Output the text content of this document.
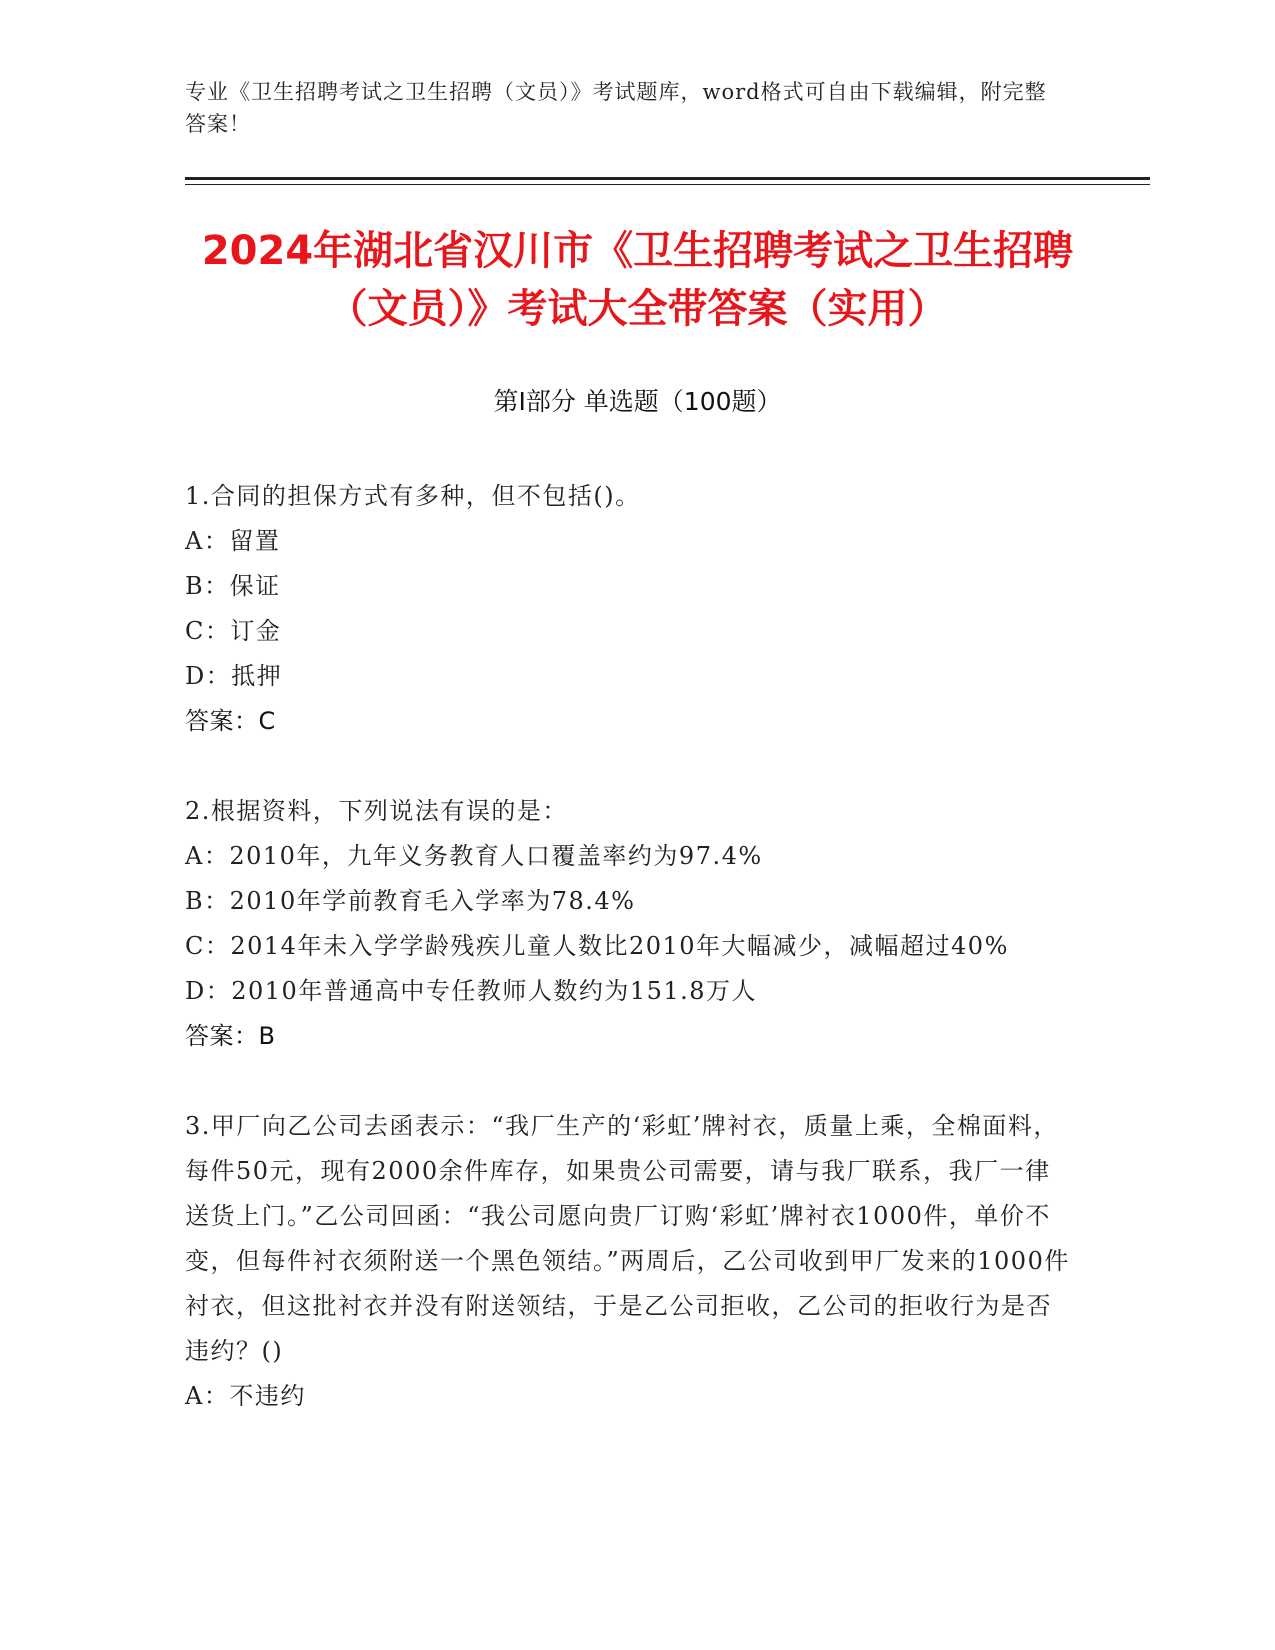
专业《卫生招聘考试之卫生招聘（文员）》考试题库，word格式可自由下载编辑，附完整答案！
2024年湖北省汉川市《卫生招聘考试之卫生招聘（文员）》考试大全带答案（实用）
第Ⅰ部分 单选题（100题）
1.合同的担保方式有多种，但不包括()。
A：留置
B：保证
C：订金
D：抵押
答案：C
2.根据资料，下列说法有误的是：
A：2010年，九年义务教育人口覆盖率约为97.4%
B：2010年学前教育毛入学率为78.4%
C：2014年未入学学龄残疾儿童人数比2010年大幅减少，减幅超过40%
D：2010年普通高中专任教师人数约为151.8万人
答案：B
3.甲厂向乙公司去函表示：“我厂生产的‘彩虹’牌衬衣，质量上乘，全棉面料，每件50元，现有2000余件库存，如果贵公司需要，请与我厂联系，我厂一律送货上门。”乙公司回函：“我公司愿向贵厂订购‘彩虹’牌衬衣1000件，单价不变，但每件衬衣须附送一个黑色领结。”两周后，乙公司收到甲厂发来的1000件衬衣，但这批衬衣并没有附送领结，于是乙公司拒收，乙公司的拒收行为是否违约？()
A：不违约
